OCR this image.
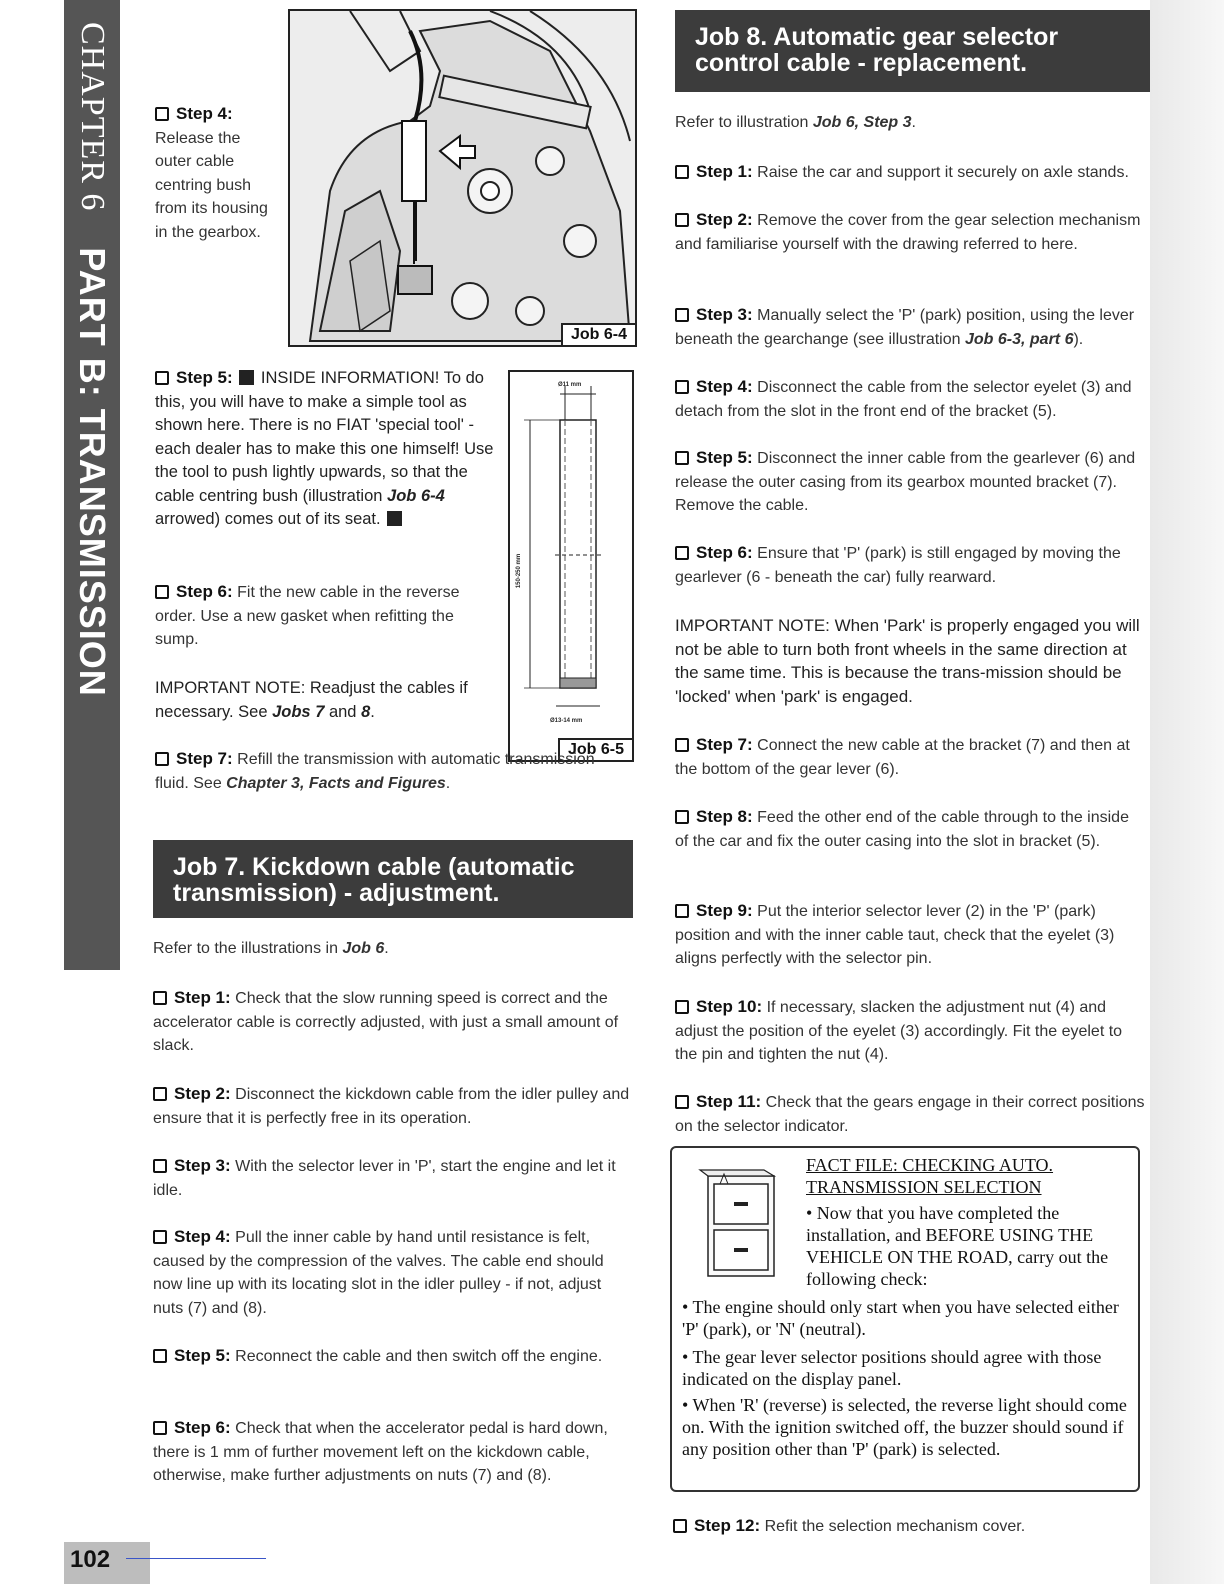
CHAPTER 6
PART B: TRANSMISSION	Job 6-4
Ø11 mm
Ø13-14 mm
150-250 mm
Job 6-5
Step 4:
Release the outer cable centring bush from its housing in the gearbox.
Step 5: INSIDE INFORMATION! To do this, you will have to make a simple tool as shown here. There is no FIAT 'special tool' - each dealer has to make this one himself! Use the tool to push lightly upwards, so that the cable centring bush (illustration Job 6-4 arrowed) comes out of its seat.
Step 6: Fit the new cable in the reverse order. Use a new gasket when refitting the sump.
IMPORTANT NOTE: Readjust the cables if necessary. See Jobs 7 and 8.
Step 7: Refill the transmission with automatic transmission fluid. See Chapter 3, Facts and Figures.
Job 7. Kickdown cable (automatic
transmission) - adjustment.
Refer to the illustrations in Job 6.
Step 1: Check that the slow running speed is correct and the accelerator cable is correctly adjusted, with just a small amount of slack.
Step 2: Disconnect the kickdown cable from the idler pulley and ensure that it is perfectly free in its operation.
Step 3: With the selector lever in 'P', start the engine and let it idle.
Step 4: Pull the inner cable by hand until resistance is felt, caused by the compression of the valves. The cable end should now line up with its locating slot in the idler pulley - if not, adjust nuts (7) and (8).
Step 5: Reconnect the cable and then switch off the engine.
Step 6: Check that when the accelerator pedal is hard down, there is 1 mm of further movement left on the kickdown cable, otherwise, make further adjustments on nuts (7) and (8).
Job 8. Automatic gear selector
control cable - replacement.
Refer to illustration Job 6, Step 3.
Step 1: Raise the car and support it securely on axle stands.
Step 2: Remove the cover from the gear selection mechanism and familiarise yourself with the drawing referred to here.
Step 3: Manually select the 'P' (park) position, using the lever beneath the gearchange (see illustration Job 6-3, part 6).
Step 4: Disconnect the cable from the selector eyelet (3) and detach from the slot in the front end of the bracket (5).
Step 5: Disconnect the inner cable from the gearlever (6) and release the outer casing from its gearbox mounted bracket (7). Remove the cable.
Step 6: Ensure that 'P' (park) is still engaged by moving the gearlever (6 - beneath the car) fully rearward.
IMPORTANT NOTE: When 'Park' is properly engaged you will not be able to turn both front wheels in the same direction at the same time. This is because the trans-mission should be 'locked' when 'park' is engaged.
Step 7: Connect the new cable at the bracket (7) and then at the bottom of the gear lever (6).
Step 8: Feed the other end of the cable through to the inside of the car and fix the outer casing into the slot in bracket (5).
Step 9: Put the interior selector lever (2) in the 'P' (park) position and with the inner cable taut, check that the eyelet (3) aligns perfectly with the selector pin.
Step 10: If necessary, slacken the adjustment nut (4) and adjust the position of the eyelet (3) accordingly. Fit the eyelet to the pin and tighten the nut (4).
Step 11: Check that the gears engage in their correct positions on the selector indicator.
FACT FILE: CHECKING AUTO.
TRANSMISSION SELECTION
• Now that you have completed the installation, and BEFORE USING THE VEHICLE ON THE ROAD, carry out the following check:
• The engine should only start when you have selected either 'P' (park), or 'N' (neutral).
• The gear lever selector positions should agree with those indicated on the display panel.
• When 'R' (reverse) is selected, the reverse light should come on. With the ignition switched off, the buzzer should sound if any position other than 'P' (park) is selected.
Step 12: Refit the selection mechanism cover.
102
